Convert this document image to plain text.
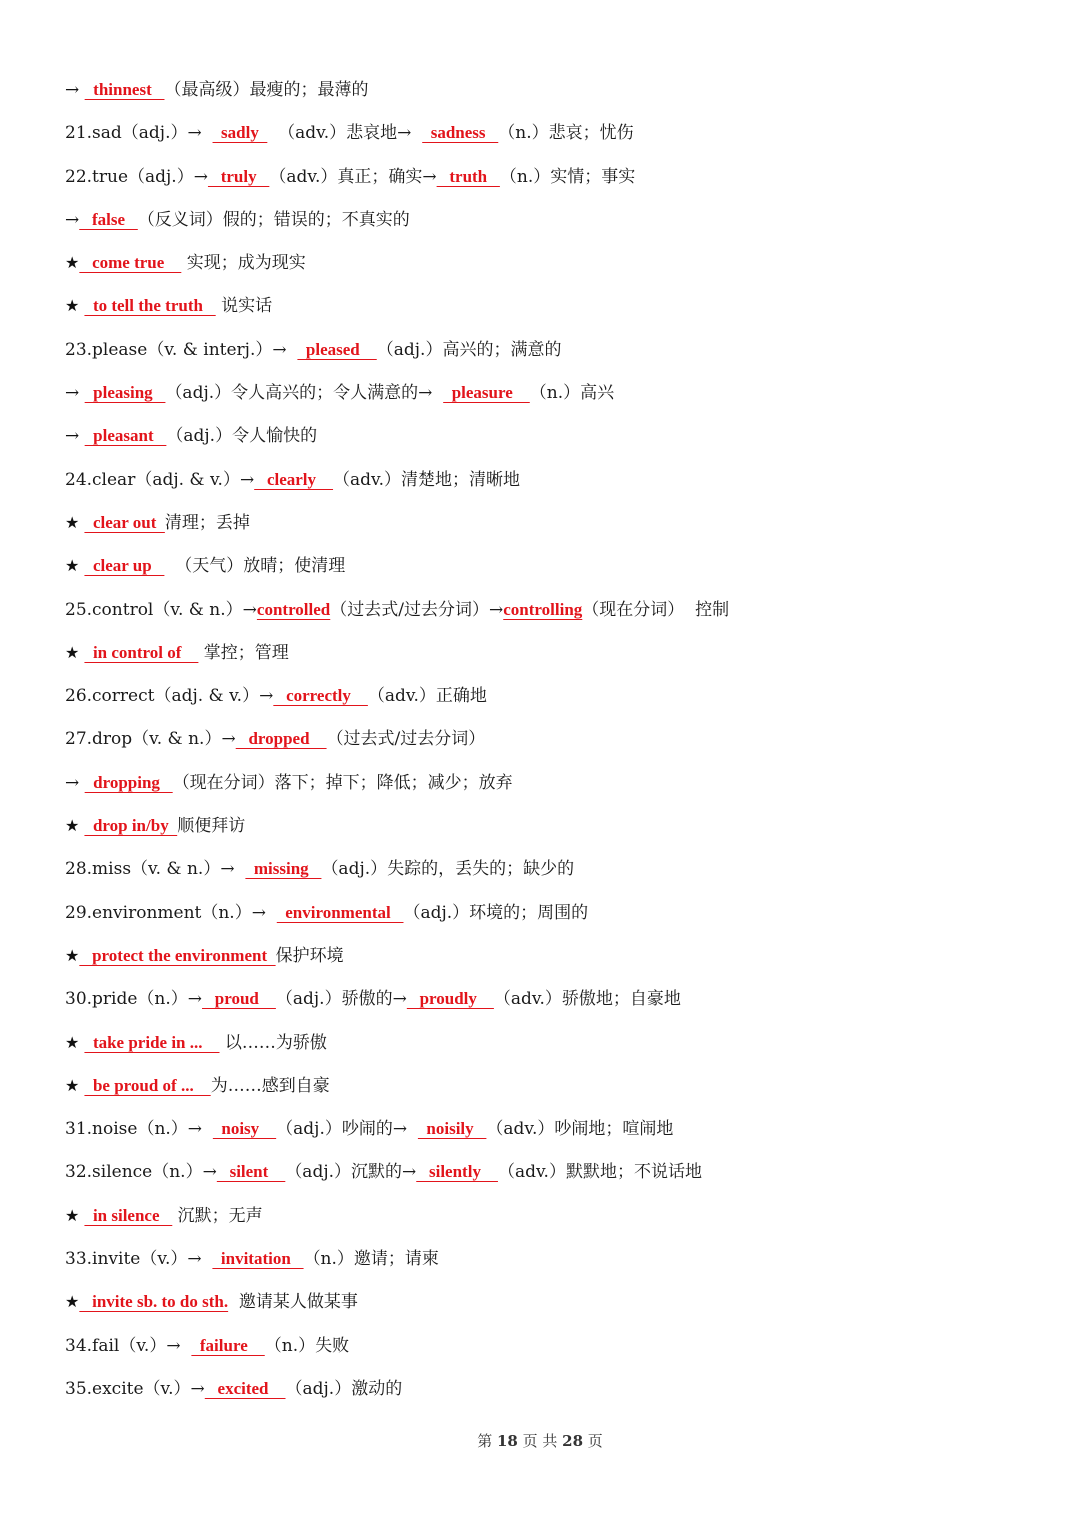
→   thinnest   （最高级）最瘦的；最薄的
21.sad（adj.）→    sadly    （adv.）悲哀地→    sadness   （n.）悲哀；忧伤
22.true（adj.）→   truly   （adv.）真正；确实→   truth   （n.）实情；事实
→   false   （反义词）假的；错误的；不真实的
★   come true     实现；成为现实
★   to tell the truth    说实话
23.please（v. & interj.）→    pleased    （adj.）高兴的；满意的
→   pleasing   （adj.）令人高兴的；令人满意的→    pleasure    （n.）高兴
→   pleasant   （adj.）令人愉快的
24.clear（adj. & v.）→   clearly    （adv.）清楚地；清晰地
★   clear out  清理；丢掉
★   clear up     （天气）放晴；使清理
25.control（v. & n.）→controlled（过去式/过去分词）→controlling（现在分词）  控制
★   in control of     掌控；管理
26.correct（adj. & v.）→   correctly    （adv.）正确地
27.drop（v. & n.）→   dropped    （过去式/过去分词）
→   dropping   （现在分词）落下；掉下；降低；减少；放弃
★   drop in/by  顺便拜访
28.miss（v. & n.）→    missing   （adj.）失踪的，丢失的；缺少的
29.environment（n.）→    environmental   （adj.）环境的；周围的
★   protect the environment  保护环境
30.pride（n.）→   proud    （adj.）骄傲的→   proudly    （adv.）骄傲地；自豪地
★   take pride in ...     以……为骄傲
★   be proud of ...    为……感到自豪
31.noise（n.）→    noisy    （adj.）吵闹的→    noisily   （adv.）吵闹地；喧闹地
32.silence（n.）→   silent    （adj.）沉默的→   silently    （adv.）默默地；不说话地
★   in silence    沉默；无声
33.invite（v.）→    invitation   （n.）邀请；请柬
★   invite sb. to do sth.  邀请某人做某事
34.fail（v.）→    failure    （n.）失败
35.excite（v.）→   excited    （adj.）激动的
第 18 页 共 28 页
